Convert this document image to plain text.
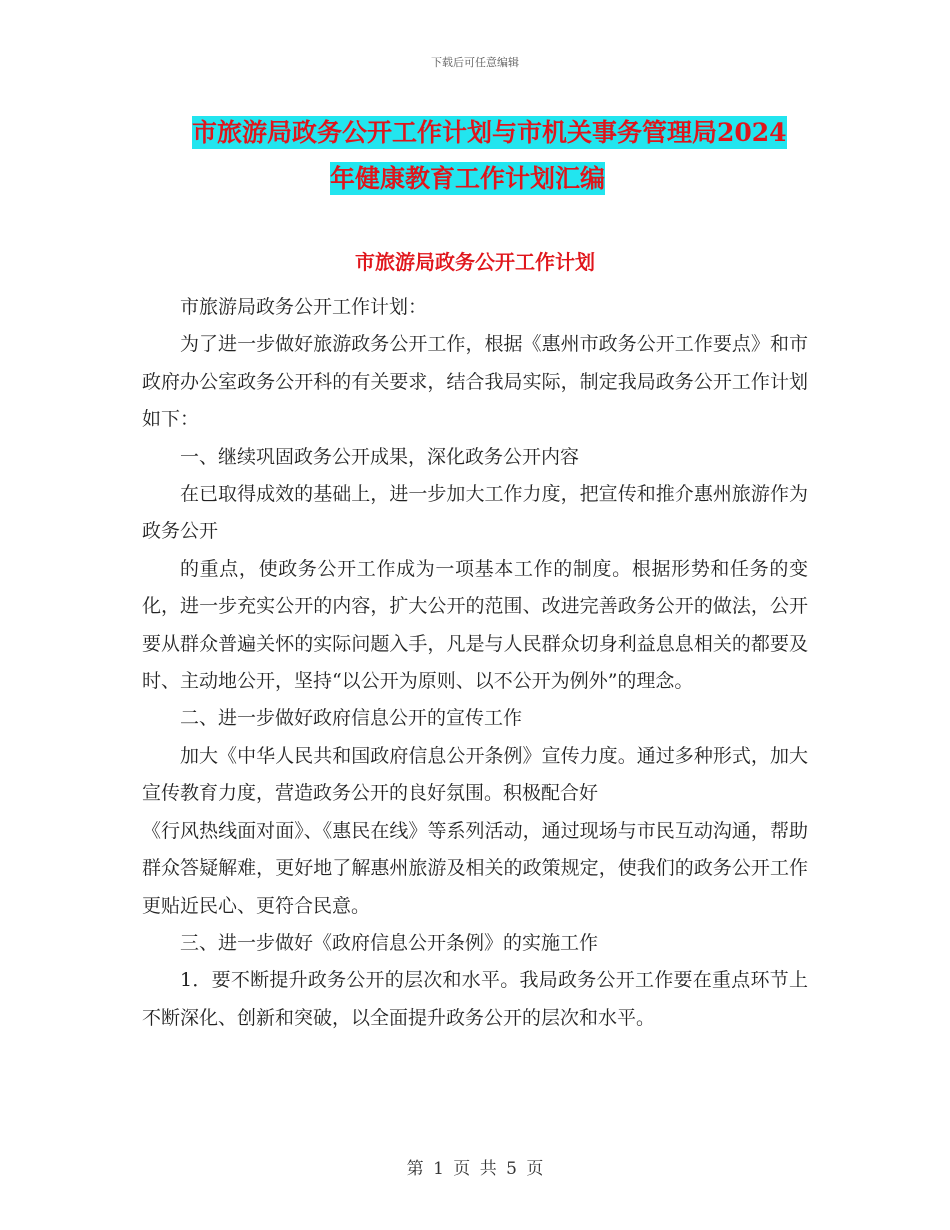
下载后可任意编辑
市旅游局政务公开工作计划与市机关事务管理局2024
年健康教育工作计划汇编
市旅游局政务公开工作计划

市旅游局政务公开工作计划：

为了进一步做好旅游政务公开工作，根据《惠州市政务公开工作要点》和市政府办公室政务公开科的有关要求，结合我局实际，制定我局政务公开工作计划如下：

一、继续巩固政务公开成果，深化政务公开内容

在已取得成效的基础上，进一步加大工作力度，把宣传和推介惠州旅游作为政务公开

的重点，使政务公开工作成为一项基本工作的制度。根据形势和任务的变化，进一步充实公开的内容，扩大公开的范围、改进完善政务公开的做法，公开要从群众普遍关怀的实际问题入手，凡是与人民群众切身利益息息相关的都要及时、主动地公开，坚持“以公开为原则、以不公开为例外”的理念。

二、进一步做好政府信息公开的宣传工作

加大《中华人民共和国政府信息公开条例》宣传力度。通过多种形式，加大宣传教育力度，营造政务公开的良好氛围。积极配合好

《行风热线面对面》、《惠民在线》等系列活动，通过现场与市民互动沟通，帮助群众答疑解难，更好地了解惠州旅游及相关的政策规定，使我们的政务公开工作更贴近民心、更符合民意。

三、进一步做好《政府信息公开条例》的实施工作

1．要不断提升政务公开的层次和水平。我局政务公开工作要在重点环节上不断深化、创新和突破，以全面提升政务公开的层次和水平。

第 1 页 共 5 页
